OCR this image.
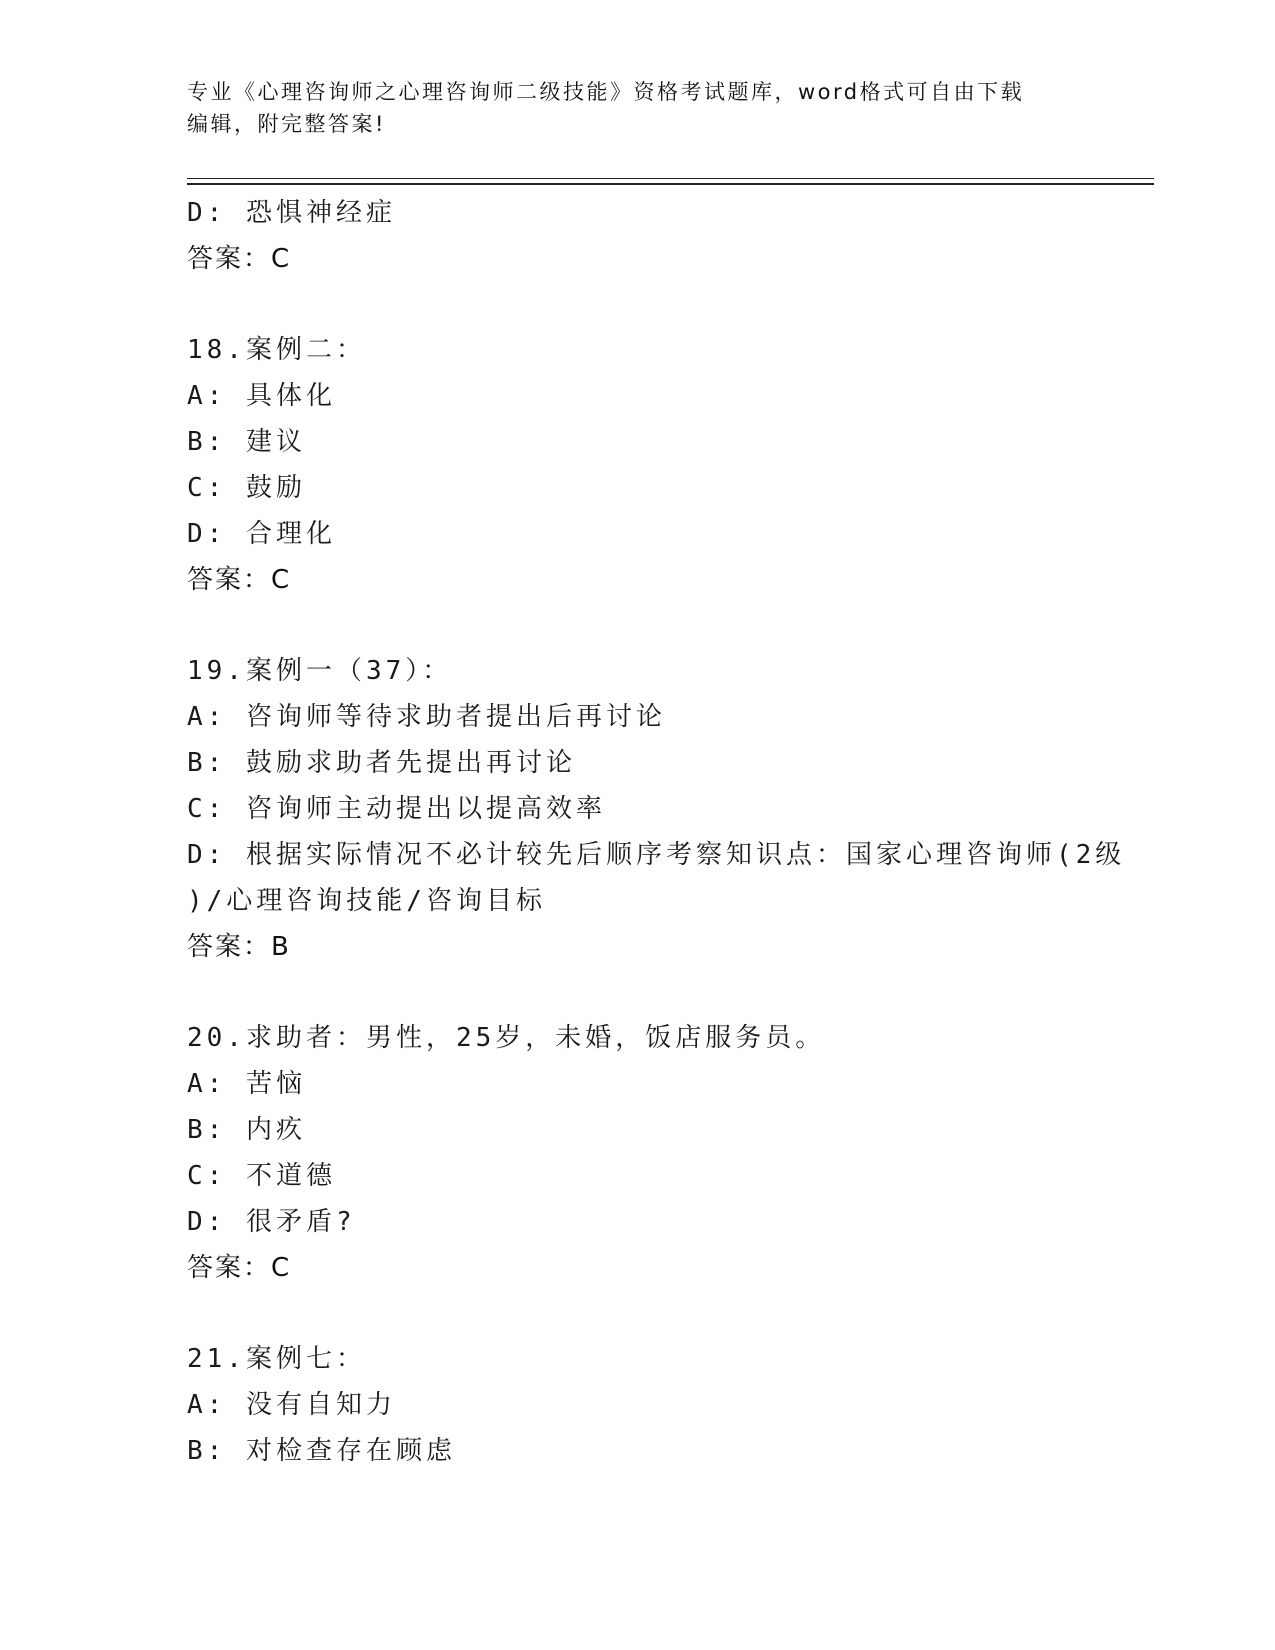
专业《心理咨询师之心理咨询师二级技能》资格考试题库，word格式可自由下载
编辑，附完整答案!
D: 恐惧神经症
答案：C
18.案例二：
A: 具体化
B: 建议
C: 鼓励
D: 合理化
答案：C
19.案例一（37）：
A: 咨询师等待求助者提出后再讨论
B: 鼓励求助者先提出再讨论
C: 咨询师主动提出以提高效率
D: 根据实际情况不必计较先后顺序考察知识点：国家心理咨询师(2级
)/心理咨询技能/咨询目标
答案：B
20.求助者：男性，25岁，未婚，饭店服务员。
A: 苦恼
B: 内疚
C: 不道德
D: 很矛盾?
答案：C
21.案例七：
A: 没有自知力
B: 对检查存在顾虑
